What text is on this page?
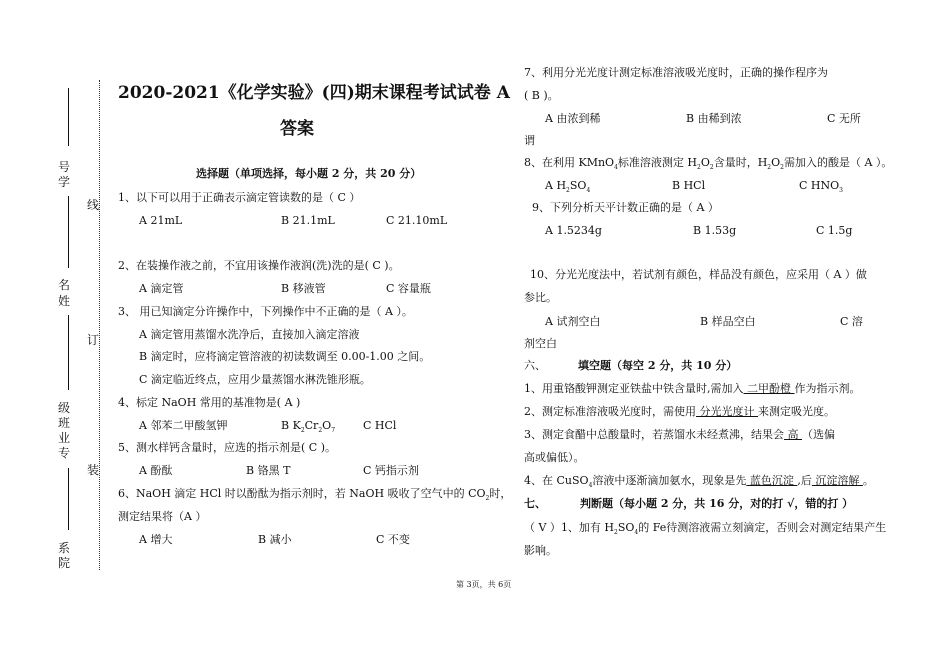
号
学
名
姓
级
班
业
专
系
院
线
订
装
2020-2021《化学实验》(四)期末课程考试试卷 A
答案
选择题（单项选择，每小题 2 分，共 20 分）
1、以下可以用于正确表示滴定管读数的是（ C ）
A 21mL	B 21.1mL	C 21.10mL
2、在装操作液之前，不宜用该操作液润(洗)洗的是( C )。
A 滴定管	B 移液管	C 容量瓶
3、 用已知滴定分许操作中，下列操作中不正确的是（ A ）。
A 滴定管用蒸馏水洗净后，直接加入滴定溶液
B 滴定时，应将滴定管溶液的初读数调至 0.00-1.00 之间。
C 滴定临近终点，应用少量蒸馏水淋洗锥形瓶。
4、标定 NaOH 常用的基准物是( A )
A 邻苯二甲酸氢钾	B $K_2Cr_2O_7$	C HCl
5、测水样钙含量时，应选的指示剂是( C )。
A 酚酞	B 铬黑 T	C 钙指示剂
6、NaOH 滴定 HCl 时以酚酞为指示剂时，若 NaOH 吸收了空气中的 $CO_2$时，
测定结果将（A ）
A 增大	B 减小	C 不变
7、利用分光光度计测定标准溶液吸光度时，正确的操作程序为
( B )。
A 由浓到稀	B 由稀到浓	C 无所
谓
8、在利用 KMnO$_4$标准溶液测定 $H_2O_2$含量时，$H_2O_2$需加入的酸是（ A ）。
A $H_2SO_4$	B HCl	C $HNO_3$
9、下列分析天平计数正确的是（ A ）
A 1.5234g	B 1.53g	C 1.5g
10、分光光度法中，若试剂有颜色，样品没有颜色，应采用（ A ）做
参比。
A 试剂空白	B 样品空白	C 溶
剂空白
六、	填空题（每空 2 分，共 10 分）
1、用重铬酸钾测定亚铁盐中铁含量时,需加入 二甲酚橙 作为指示剂。
2、测定标准溶液吸光度时，需使用 分光光度计 来测定吸光度。
3、测定食醋中总酸量时，若蒸馏水未经煮沸，结果会 高 （选偏
高或偏低）。
4、在 CuSO$_4$溶液中逐渐滴加氨水，现象是先 蓝色沉淀 ,后 沉淀溶解 。
七、	判断题（每小题 2 分，共 16 分，对的打 √，错的打 ）
（ V ）1、加有 $H_2SO_4$的 Fe待测溶液需立刻滴定，否则会对测定结果产生
影响。
第 3页，共 6页
